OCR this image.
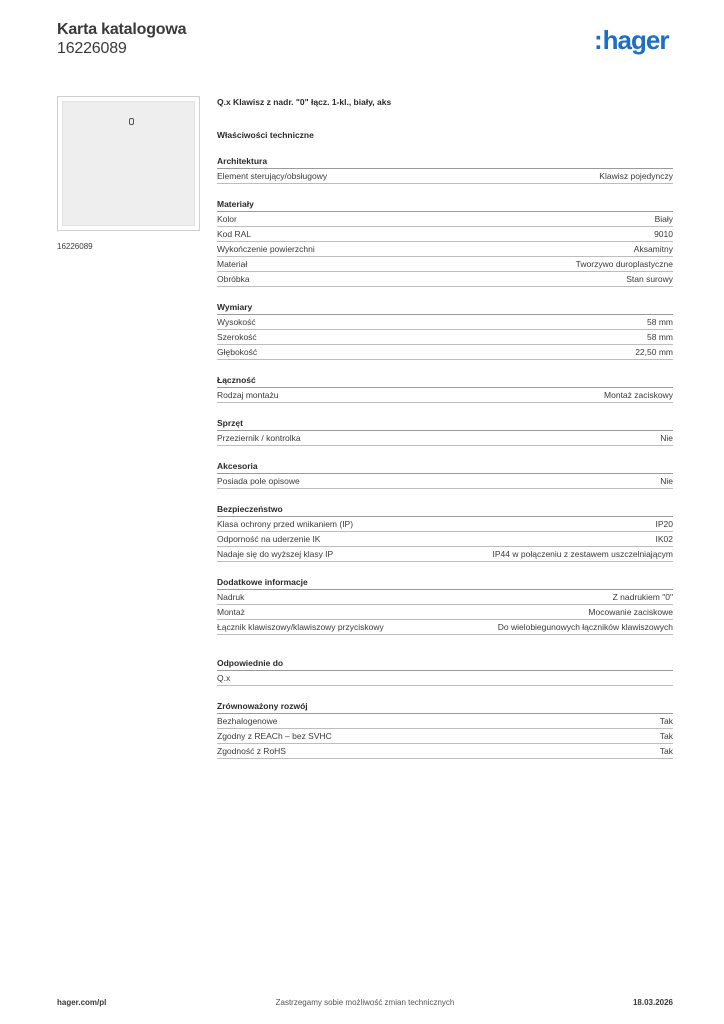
Karta katalogowa
16226089	:hager
16226089
Q.x Klawisz z nadr. "0" łącz. 1-kl., biały, aks
Właściwości techniczne
Architektura
Element sterujący/obsługowy	Klawisz pojedynczy
Materiały
Kolor	Biały
Kod RAL	9010
Wykończenie powierzchni	Aksamitny
Materiał	Tworzywo duroplastyczne
Obróbka	Stan surowy
Wymiary
Wysokość	58 mm
Szerokość	58 mm
Głębokość	22,50 mm
Łączność
Rodzaj montażu	Montaż zaciskowy
Sprzęt
Przeziernik / kontrolka	Nie
Akcesoria
Posiada pole opisowe	Nie
Bezpieczeństwo
Klasa ochrony przed wnikaniem (IP)	IP20
Odporność na uderzenie IK	IK02
Nadaje się do wyższej klasy IP	IP44 w połączeniu z zestawem uszczelniającym
Dodatkowe informacje
Nadruk	Z nadrukiem "0"
Montaż	Mocowanie zaciskowe
Łącznik klawiszowy/klawiszowy przyciskowy	Do wielobiegunowych łączników klawiszowych
Odpowiednie do
Q.x
Zrównoważony rozwój
Bezhalogenowe	Tak
Zgodny z REACh – bez SVHC	Tak
Zgodność z RoHS	Tak
hager.com/pl	Zastrzegamy sobie możliwość zmian technicznych	18.03.2026
